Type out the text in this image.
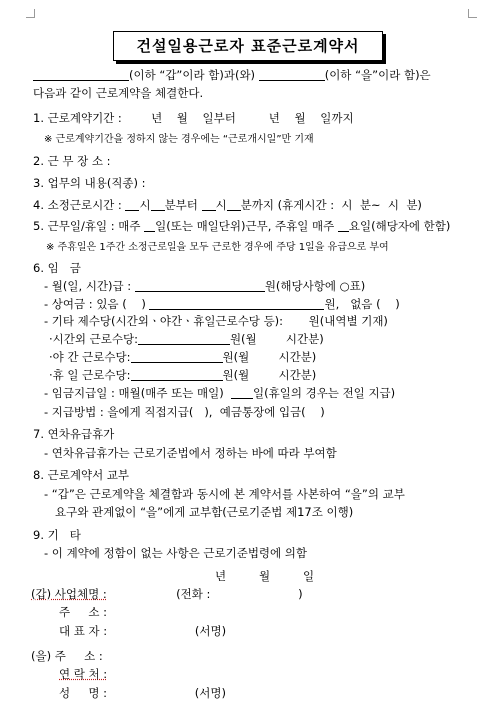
건설일용근로자 표준근로계약서
(이하 “갑”이라 함)과(와)	(이하 “을”이라 함)은
다음과 같이 근로계약을 체결한다.
1. 근로계약기간 :	년 월 일부터	년 월 일까지
※ 근로계약기간을 정하지 않는 경우에는 “근로개시일”만 기재
2. 근 무 장 소 :
3. 업무의 내용(직종) :
4. 소정근로시간 : 시 분부터 시 분까지 (휴게시간 :  시  분~  시  분)
5. 근무일/휴일 : 매주 일(또는 매일단위)근무, 주휴일 매주 요일(해당자에 한함)
※ 주휴일은 1주간 소정근로일을 모두 근로한 경우에 주당 1일을 유급으로 부여
6. 임   금
- 월(일, 시간)급 :	원(해당사항에 ○표)
- 상여금 : 있음 ( )	원,   없음 ( )
- 기타 제수당(시간외ㆍ야간ㆍ휴일근로수당 등): 원(내역별 기재)
·시간외 근로수당:	원(월	시간분)
·야 간 근로수당:	원(월	시간분)
·휴 일 근로수당:	원(월	시간분)
- 임금지급일 : 매월(매주 또는 매일)	일(휴일의 경우는 전일 지급)
- 지급방법 : 을에게 직접지급( ),  예금통장에 입금( )
7. 연차유급휴가
- 연차유급휴가는 근로기준법에서 정하는 바에 따라 부여함
8. 근로계약서 교부
- “갑”은 근로계약을 체결함과 동시에 본 계약서를 사본하여 “을”의 교부
요구와 관계없이 “을”에게 교부함(근로기준법 제17조 이행)
9. 기   타
- 이 계약에 정함이 없는 사항은 근로기준법령에 의함
년	월	일
(갑) 사업체명 :	(전화 :	)
주     소 :
대 표 자 :	(서명)
(을) 주     소 :
연 락 처 :
성     명 :	(서명)
